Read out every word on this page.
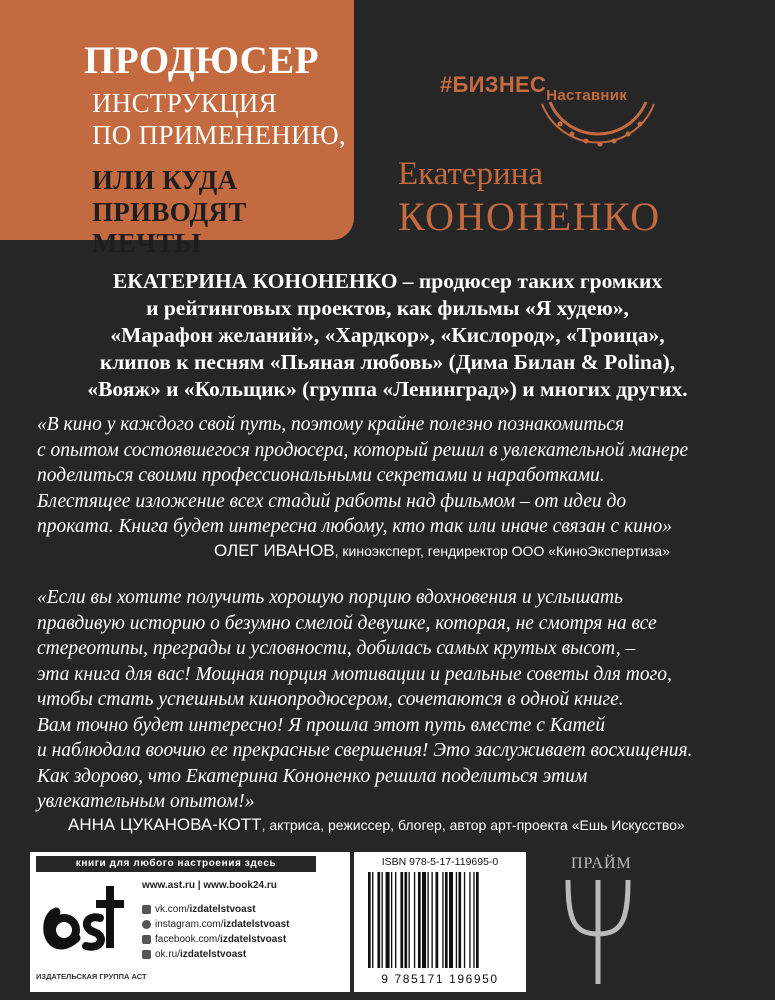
ПРОДЮСЕР
ИНСТРУКЦИЯ
ПО ПРИМЕНЕНИЮ,
ИЛИ КУДА
ПРИВОДЯТ МЕЧТЫ
$\#БИЗНЕС_{Наставник}$
Екатерина
КОНОНЕНКО
ЕКАТЕРИНА КОНОНЕНКО – продюсер таких громких
и рейтинговых проектов, как фильмы «Я худею»,
«Марафон желаний», «Хардкор», «Кислород», «Троица»,
клипов к песням «Пьяная любовь» (Дима Билан & Polina),
«Вояж» и «Кольщик» (группа «Ленинград») и многих других.
«В кино у каждого свой путь, поэтому крайне полезно познакомиться
с опытом состоявшегося продюсера, который решил в увлекательной манере
поделиться своими профессиональными секретами и наработками.
Блестящее изложение всех стадий работы над фильмом – от идеи до
проката. Книга будет интересна любому, кто так или иначе связан с кино»
ОЛЕГ ИВАНОВ, киноэксперт, гендиректор ООО «КиноЭкспертиза»
«Если вы хотите получить хорошую порцию вдохновения и услышать
правдивую историю о безумно смелой девушке, которая, не смотря на все
стереотипы, преграды и условности, добилась самых крутых высот, –
эта книга для вас! Мощная порция мотивации и реальные советы для того,
чтобы стать успешным кинопродюсером, сочетаются в одной книге.
Вам точно будет интересно! Я прошла этот путь вместе с Катей
и наблюдала воочию ее прекрасные свершения! Это заслуживает восхищения.
Как здорово, что Екатерина Кононенко решила поделиться этим
увлекательным опытом!»
АННА ЦУКАНОВА-КОТТ, актриса, режиссер, блогер, автор арт-проекта «Ешь Искусство»
книги для любого настроения здесь
ИЗДАТЕЛЬСКАЯ ГРУППА АСТ
www.ast.ru | www.book24.ru
vk.com/ izdatelstvoast
instagram.com/ izdatelstvoast
facebook.com/ izdatelstvoast
ok.ru/ izdatelstvoast
ISBN 978-5-17-119695-0
9 785171 196950
ПРАЙМ
